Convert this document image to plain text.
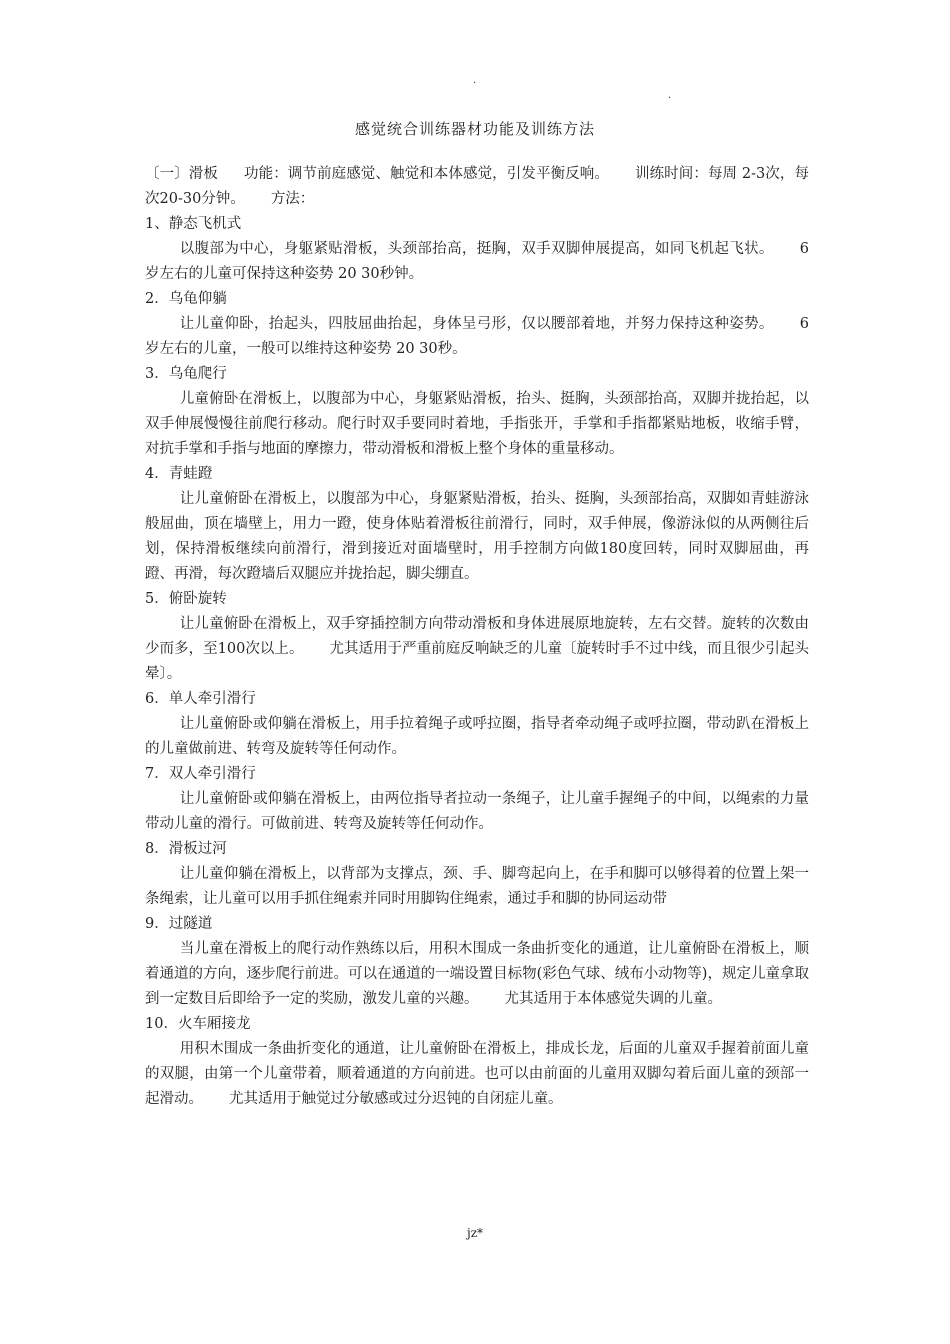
.
.
感觉统合训练器材功能及训练方法

〔一〕滑板 功能：调节前庭感觉、触觉和本体感觉，引发平衡反响。 训练时间：每周 2-3次，每次20-30分钟。 方法：

1、静态飞机式

以腹部为中心，身躯紧贴滑板，头颈部抬高，挺胸，双手双脚伸展提高，如同飞机起飞状。 6岁左右的儿童可保持这种姿势 20 30秒钟。

2．乌龟仰躺

让儿童仰卧，抬起头，四肢屈曲抬起，身体呈弓形，仅以腰部着地，并努力保持这种姿势。 6岁左右的儿童，一般可以维持这种姿势 20 30秒。

3．乌龟爬行

儿童俯卧在滑板上，以腹部为中心，身躯紧贴滑板，抬头、挺胸，头颈部抬高，双脚并拢抬起，以双手伸展慢慢往前爬行移动。爬行时双手要同时着地，手指张开，手掌和手指都紧贴地板，收缩手臂，对抗手掌和手指与地面的摩擦力，带动滑板和滑板上整个身体的重量移动。

4．青蛙蹬

让儿童俯卧在滑板上，以腹部为中心，身躯紧贴滑板，抬头、挺胸，头颈部抬高，双脚如青蛙游泳般屈曲，顶在墙壁上，用力一蹬，使身体贴着滑板往前滑行，同时，双手伸展，像游泳似的从两侧往后划，保持滑板继续向前滑行，滑到接近对面墙壁时，用手控制方向做180度回转，同时双脚屈曲，再蹬、再滑，每次蹬墙后双腿应并拢抬起，脚尖绷直。

5．俯卧旋转

让儿童俯卧在滑板上，双手穿插控制方向带动滑板和身体进展原地旋转，左右交替。旋转的次数由少而多，至100次以上。 尤其适用于严重前庭反响缺乏的儿童〔旋转时手不过中线，而且很少引起头晕〕。

6．单人牵引滑行

让儿童俯卧或仰躺在滑板上，用手拉着绳子或呼拉圈，指导者牵动绳子或呼拉圈，带动趴在滑板上的儿童做前进、转弯及旋转等任何动作。

7．双人牵引滑行

让儿童俯卧或仰躺在滑板上，由两位指导者拉动一条绳子，让儿童手握绳子的中间，以绳索的力量带动儿童的滑行。可做前进、转弯及旋转等任何动作。

8．滑板过河

让儿童仰躺在滑板上，以背部为支撑点，颈、手、脚弯起向上，在手和脚可以够得着的位置上架一条绳索，让儿童可以用手抓住绳索并同时用脚钩住绳索，通过手和脚的协同运动带

9．过隧道

当儿童在滑板上的爬行动作熟练以后，用积木围成一条曲折变化的通道，让儿童俯卧在滑板上，顺着通道的方向，逐步爬行前进。可以在通道的一端设置目标物(彩色气球、绒布小动物等)，规定儿童拿取到一定数目后即给予一定的奖励，激发儿童的兴趣。 尤其适用于本体感觉失调的儿童。

10．火车厢接龙

用积木围成一条曲折变化的通道，让儿童俯卧在滑板上，排成长龙，后面的儿童双手握着前面儿童的双腿，由第一个儿童带着，顺着通道的方向前进。也可以由前面的儿童用双脚勾着后面儿童的颈部一起滑动。 尤其适用于触觉过分敏感或过分迟钝的自闭症儿童。

jz*
